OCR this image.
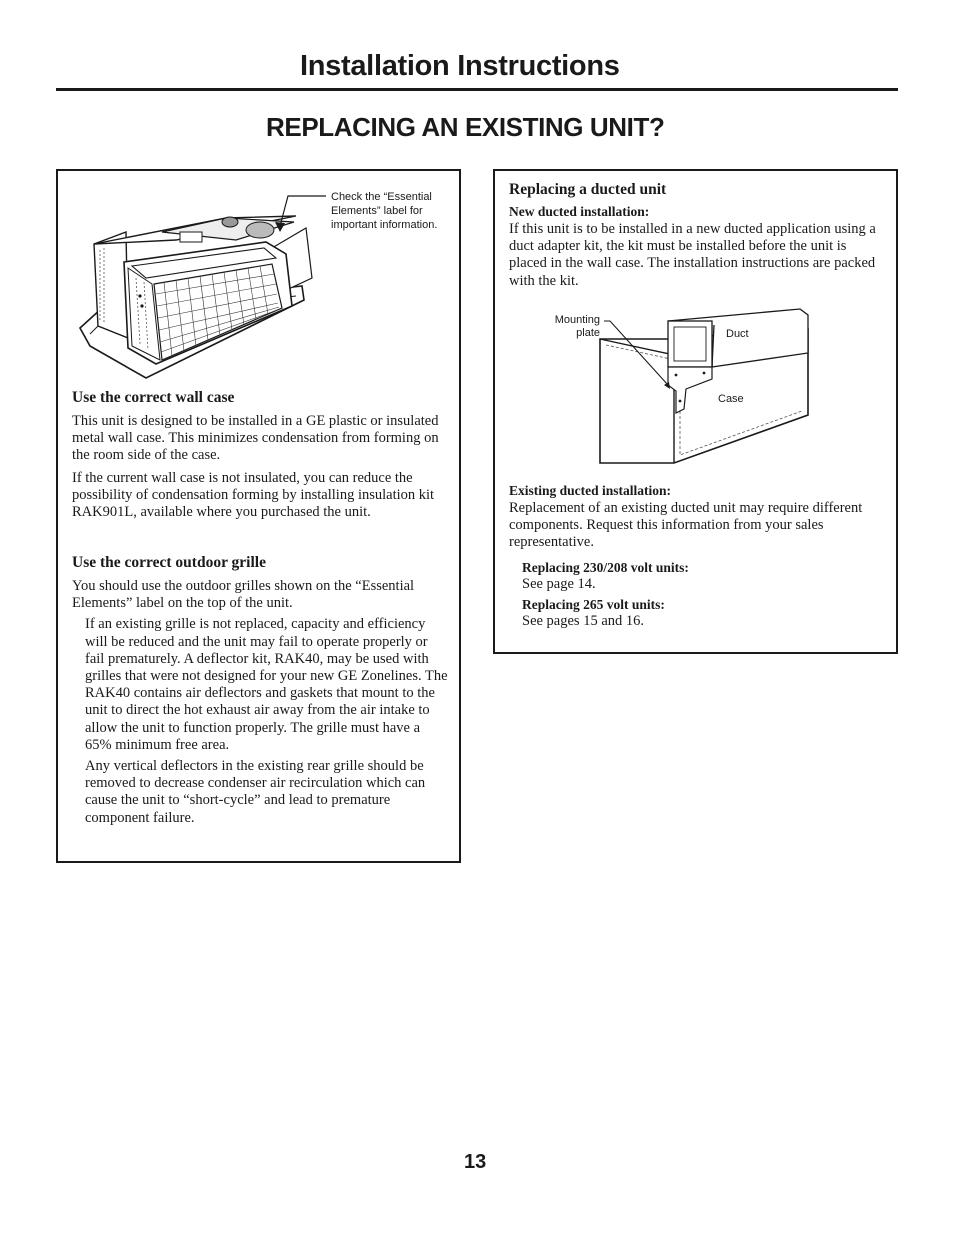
Installation Instructions
REPLACING AN EXISTING UNIT?
Check the “Essential
Elements” label for
important information.
Use the correct wall case

This unit is designed to be installed in a GE plastic or insulated metal wall case. This minimizes condensation from forming on the room side of the case.

If the current wall case is not insulated, you can reduce the possibility of condensation forming by installing insulation kit RAK901L, available where you purchased the unit.

Use the correct outdoor grille

You should use the outdoor grilles shown on the “Essential Elements” label on the top of the unit.

If an existing grille is not replaced, capacity and efficiency will be reduced and the unit may fail to operate properly or fail prematurely. A deflector kit, RAK40, may be used with grilles that were not designed for your new GE Zonelines. The RAK40 contains air deflectors and gaskets that mount to the unit to direct the hot exhaust air away from the air intake to allow the unit to function properly. The grille must have a 65% minimum free area.

Any vertical deflectors in the existing rear grille should be removed to decrease condenser air recirculation which can cause the unit to “short-cycle” and lead to premature component failure.

Replacing a ducted unit
New ducted installation:

If this unit is to be installed in a new ducted application using a duct adapter kit, the kit must be installed before the unit is placed in the wall case. The installation instructions are packed with the kit.

Mounting
plate	Duct
Case
Existing ducted installation:

Replacement of an existing ducted unit may require different components. Request this information from your sales representative.

Replacing 230/208 volt units:

See page 14.

Replacing 265 volt units:

See pages 15 and 16.

13
